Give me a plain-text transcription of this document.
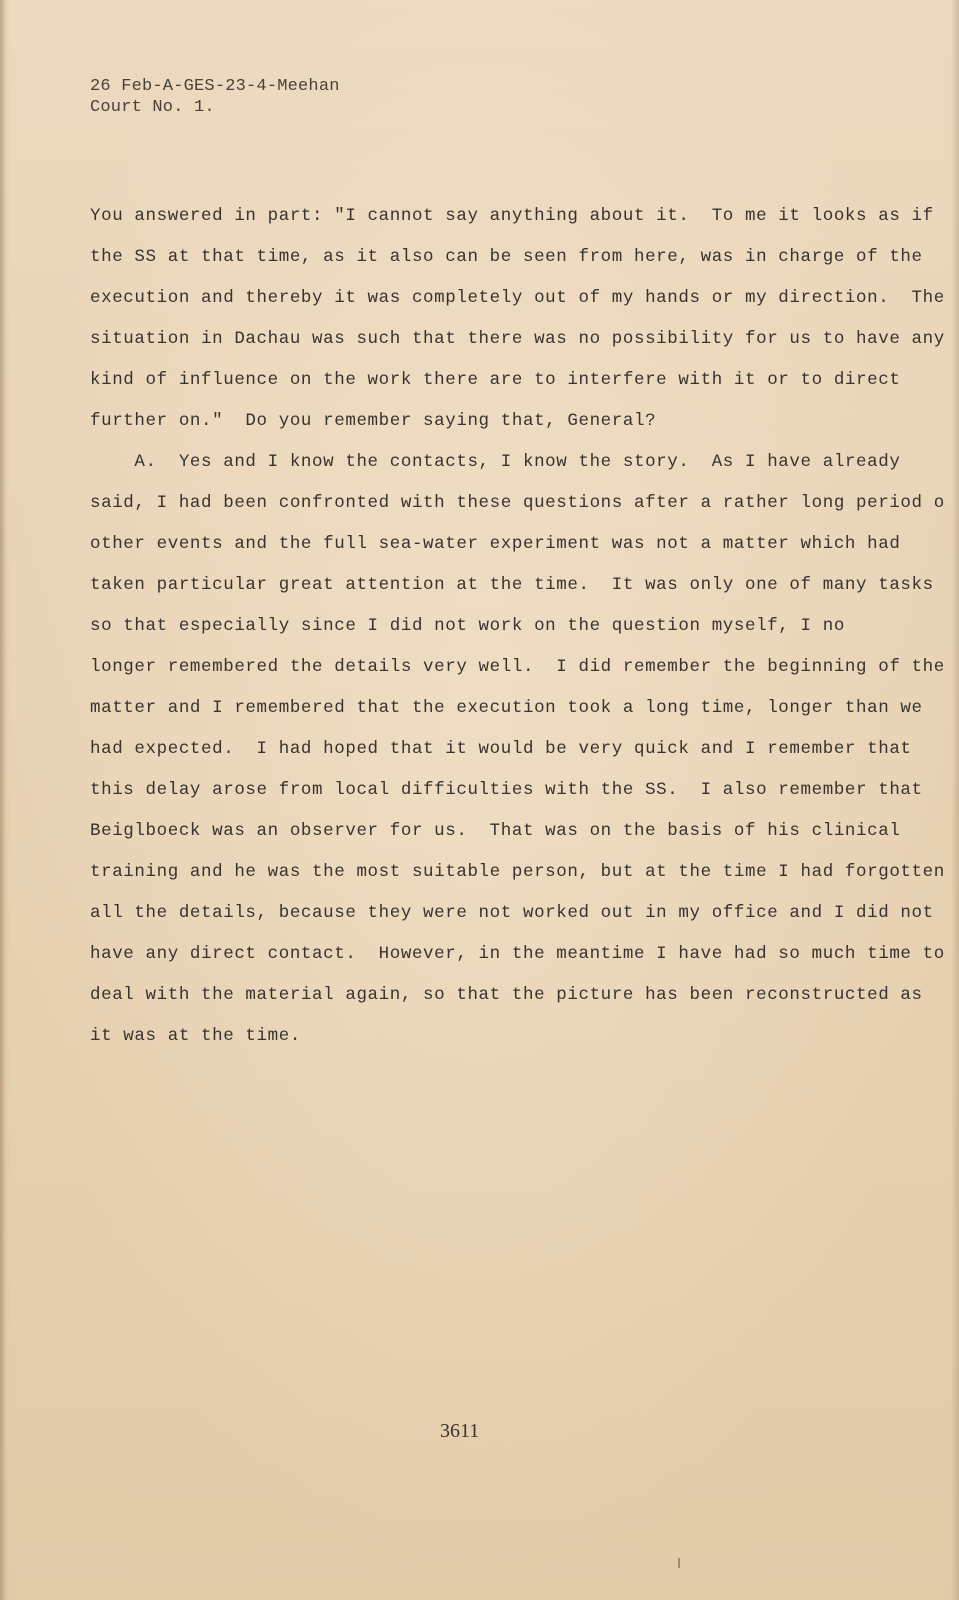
26 Feb-A-GES-23-4-Meehan
Court No. 1.
You answered in part: "I cannot say anything about it.  To me it looks as if
the SS at that time, as it also can be seen from here, was in charge of the
execution and thereby it was completely out of my hands or my direction.  The
situation in Dachau was such that there was no possibility for us to have any
kind of influence on the work there are to interfere with it or to direct
further on."  Do you remember saying that, General?
A.  Yes and I know the contacts, I know the story.  As I have already
said, I had been confronted with these questions after a rather long period o
other events and the full sea-water experiment was not a matter which had
taken particular great attention at the time.  It was only one of many tasks
so that especially since I did not work on the question myself, I no
longer remembered the details very well.  I did remember the beginning of the
matter and I remembered that the execution took a long time, longer than we
had expected.  I had hoped that it would be very quick and I remember that
this delay arose from local difficulties with the SS.  I also remember that
Beiglboeck was an observer for us.  That was on the basis of his clinical
training and he was the most suitable person, but at the time I had forgotten
all the details, because they were not worked out in my office and I did not
have any direct contact.  However, in the meantime I have had so much time to
deal with the material again, so that the picture has been reconstructed as
it was at the time.
3611
